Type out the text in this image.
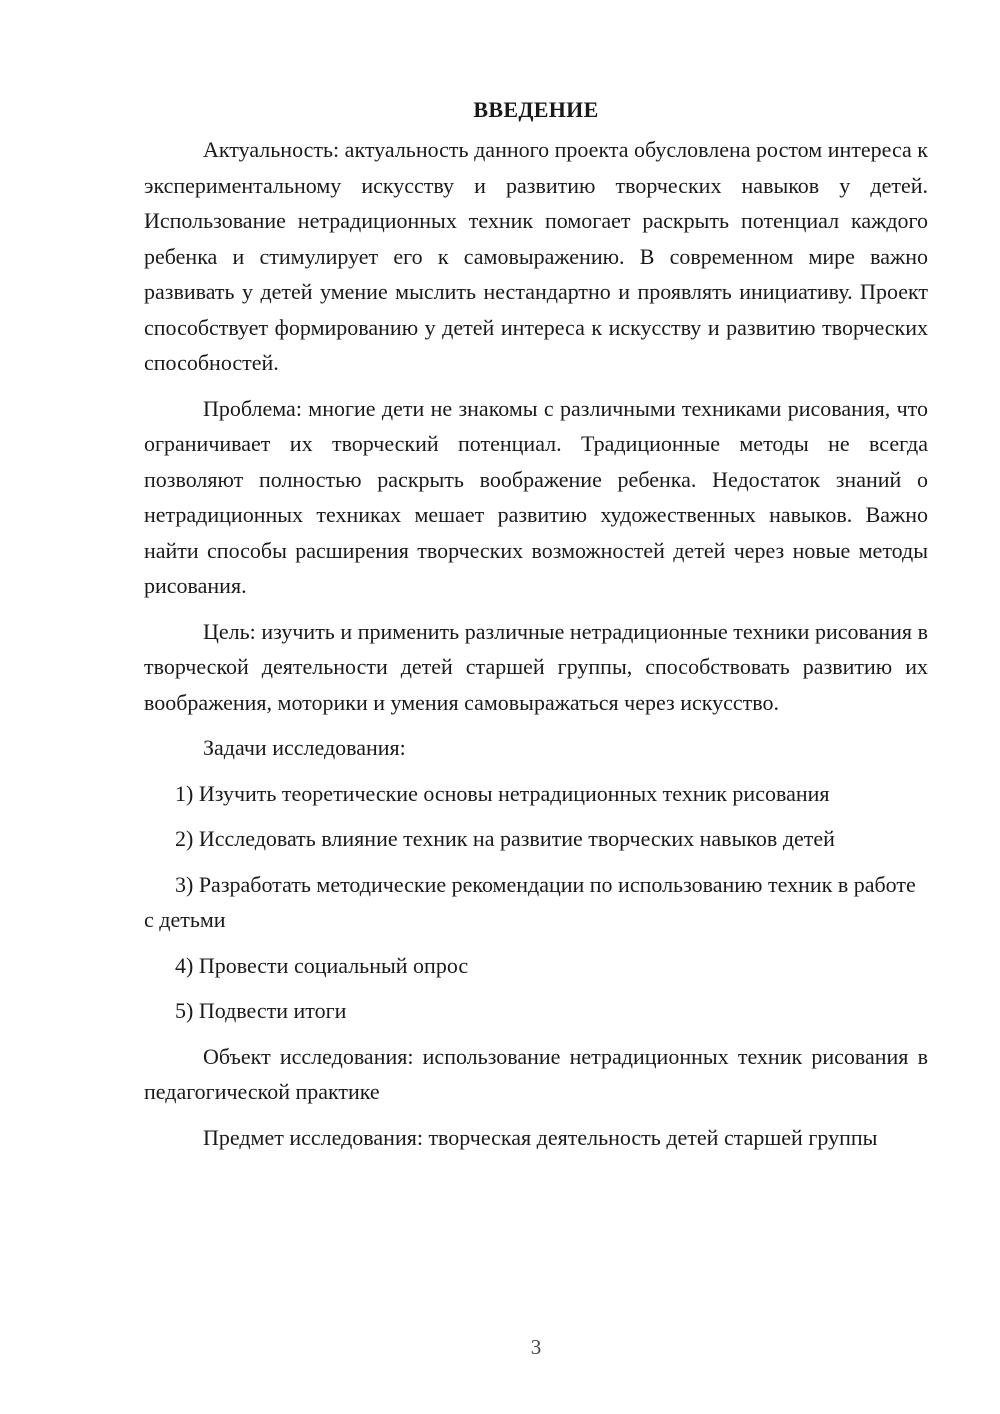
ВВЕДЕНИЕ

Актуальность: актуальность данного проекта обусловлена ростом интереса к экспериментальному искусству и развитию творческих навыков у детей. Использование нетрадиционных техник помогает раскрыть потенциал каждого ребенка и стимулирует его к самовыражению. В современном мире важно развивать у детей умение мыслить нестандартно и проявлять инициативу. Проект способствует формированию у детей интереса к искусству и развитию творческих способностей.

Проблема: многие дети не знакомы с различными техниками рисования, что ограничивает их творческий потенциал. Традиционные методы не всегда позволяют полностью раскрыть воображение ребенка. Недостаток знаний о нетрадиционных техниках мешает развитию художественных навыков. Важно найти способы расширения творческих возможностей детей через новые методы рисования.

Цель: изучить и применить различные нетрадиционные техники рисования в творческой деятельности детей старшей группы, способствовать развитию их воображения, моторики и умения самовыражаться через искусство.

Задачи исследования:

1) Изучить теоретические основы нетрадиционных техник рисования

2) Исследовать влияние техник на развитие творческих навыков детей

3) Разработать методические рекомендации по использованию техник в работе с детьми

4) Провести социальный опрос

5) Подвести итоги

Объект исследования: использование нетрадиционных техник рисования в педагогической практике

Предмет исследования: творческая деятельность детей старшей группы

3
